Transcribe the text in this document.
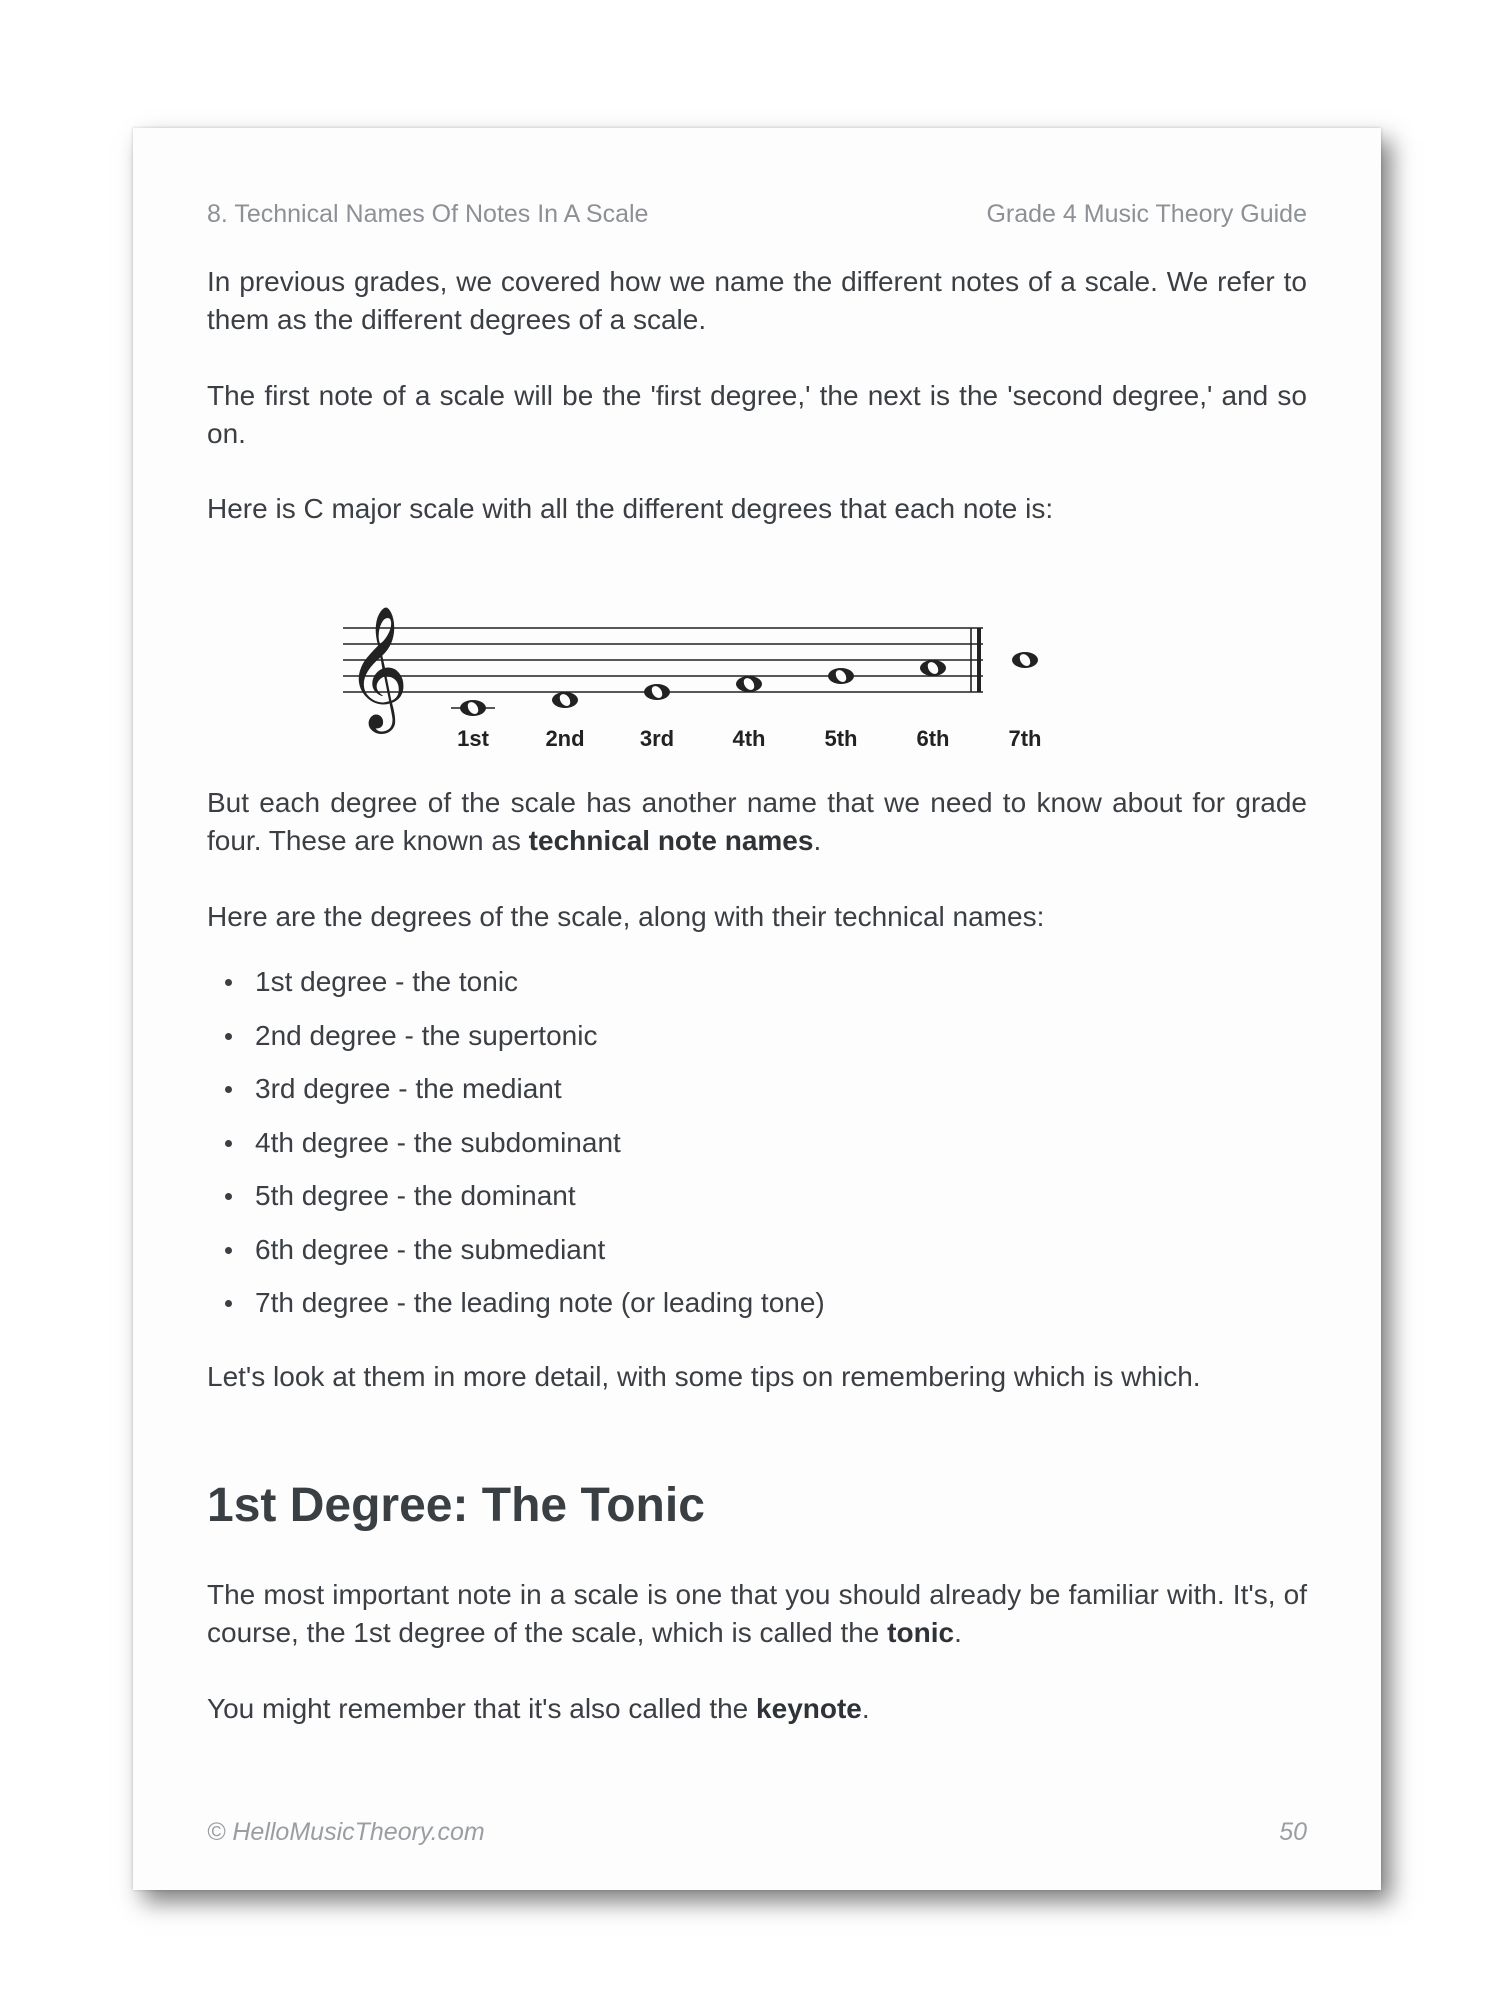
8. Technical Names Of Notes In A Scale	Grade 4 Music Theory Guide

In previous grades, we covered how we name the different notes of a scale. We refer to them as the different degrees of a scale.

The first note of a scale will be the 'first degree,' the next is the 'second degree,' and so on.

Here is C major scale with all the different degrees that each note is:

𝄞
1st	2nd	3rd	4th	5th	6th	7th

But each degree of the scale has another name that we need to know about for grade four. These are known as technical note names.

Here are the degrees of the scale, along with their technical names:

1st degree - the tonic
2nd degree - the supertonic
3rd degree - the mediant
4th degree - the subdominant
5th degree - the dominant
6th degree - the submediant
7th degree - the leading note (or leading tone)

Let's look at them in more detail, with some tips on remembering which is which.

1st Degree: The Tonic

The most important note in a scale is one that you should already be familiar with. It's, of course, the 1st degree of the scale, which is called the tonic.

You might remember that it's also called the keynote.

© HelloMusicTheory.com	50
